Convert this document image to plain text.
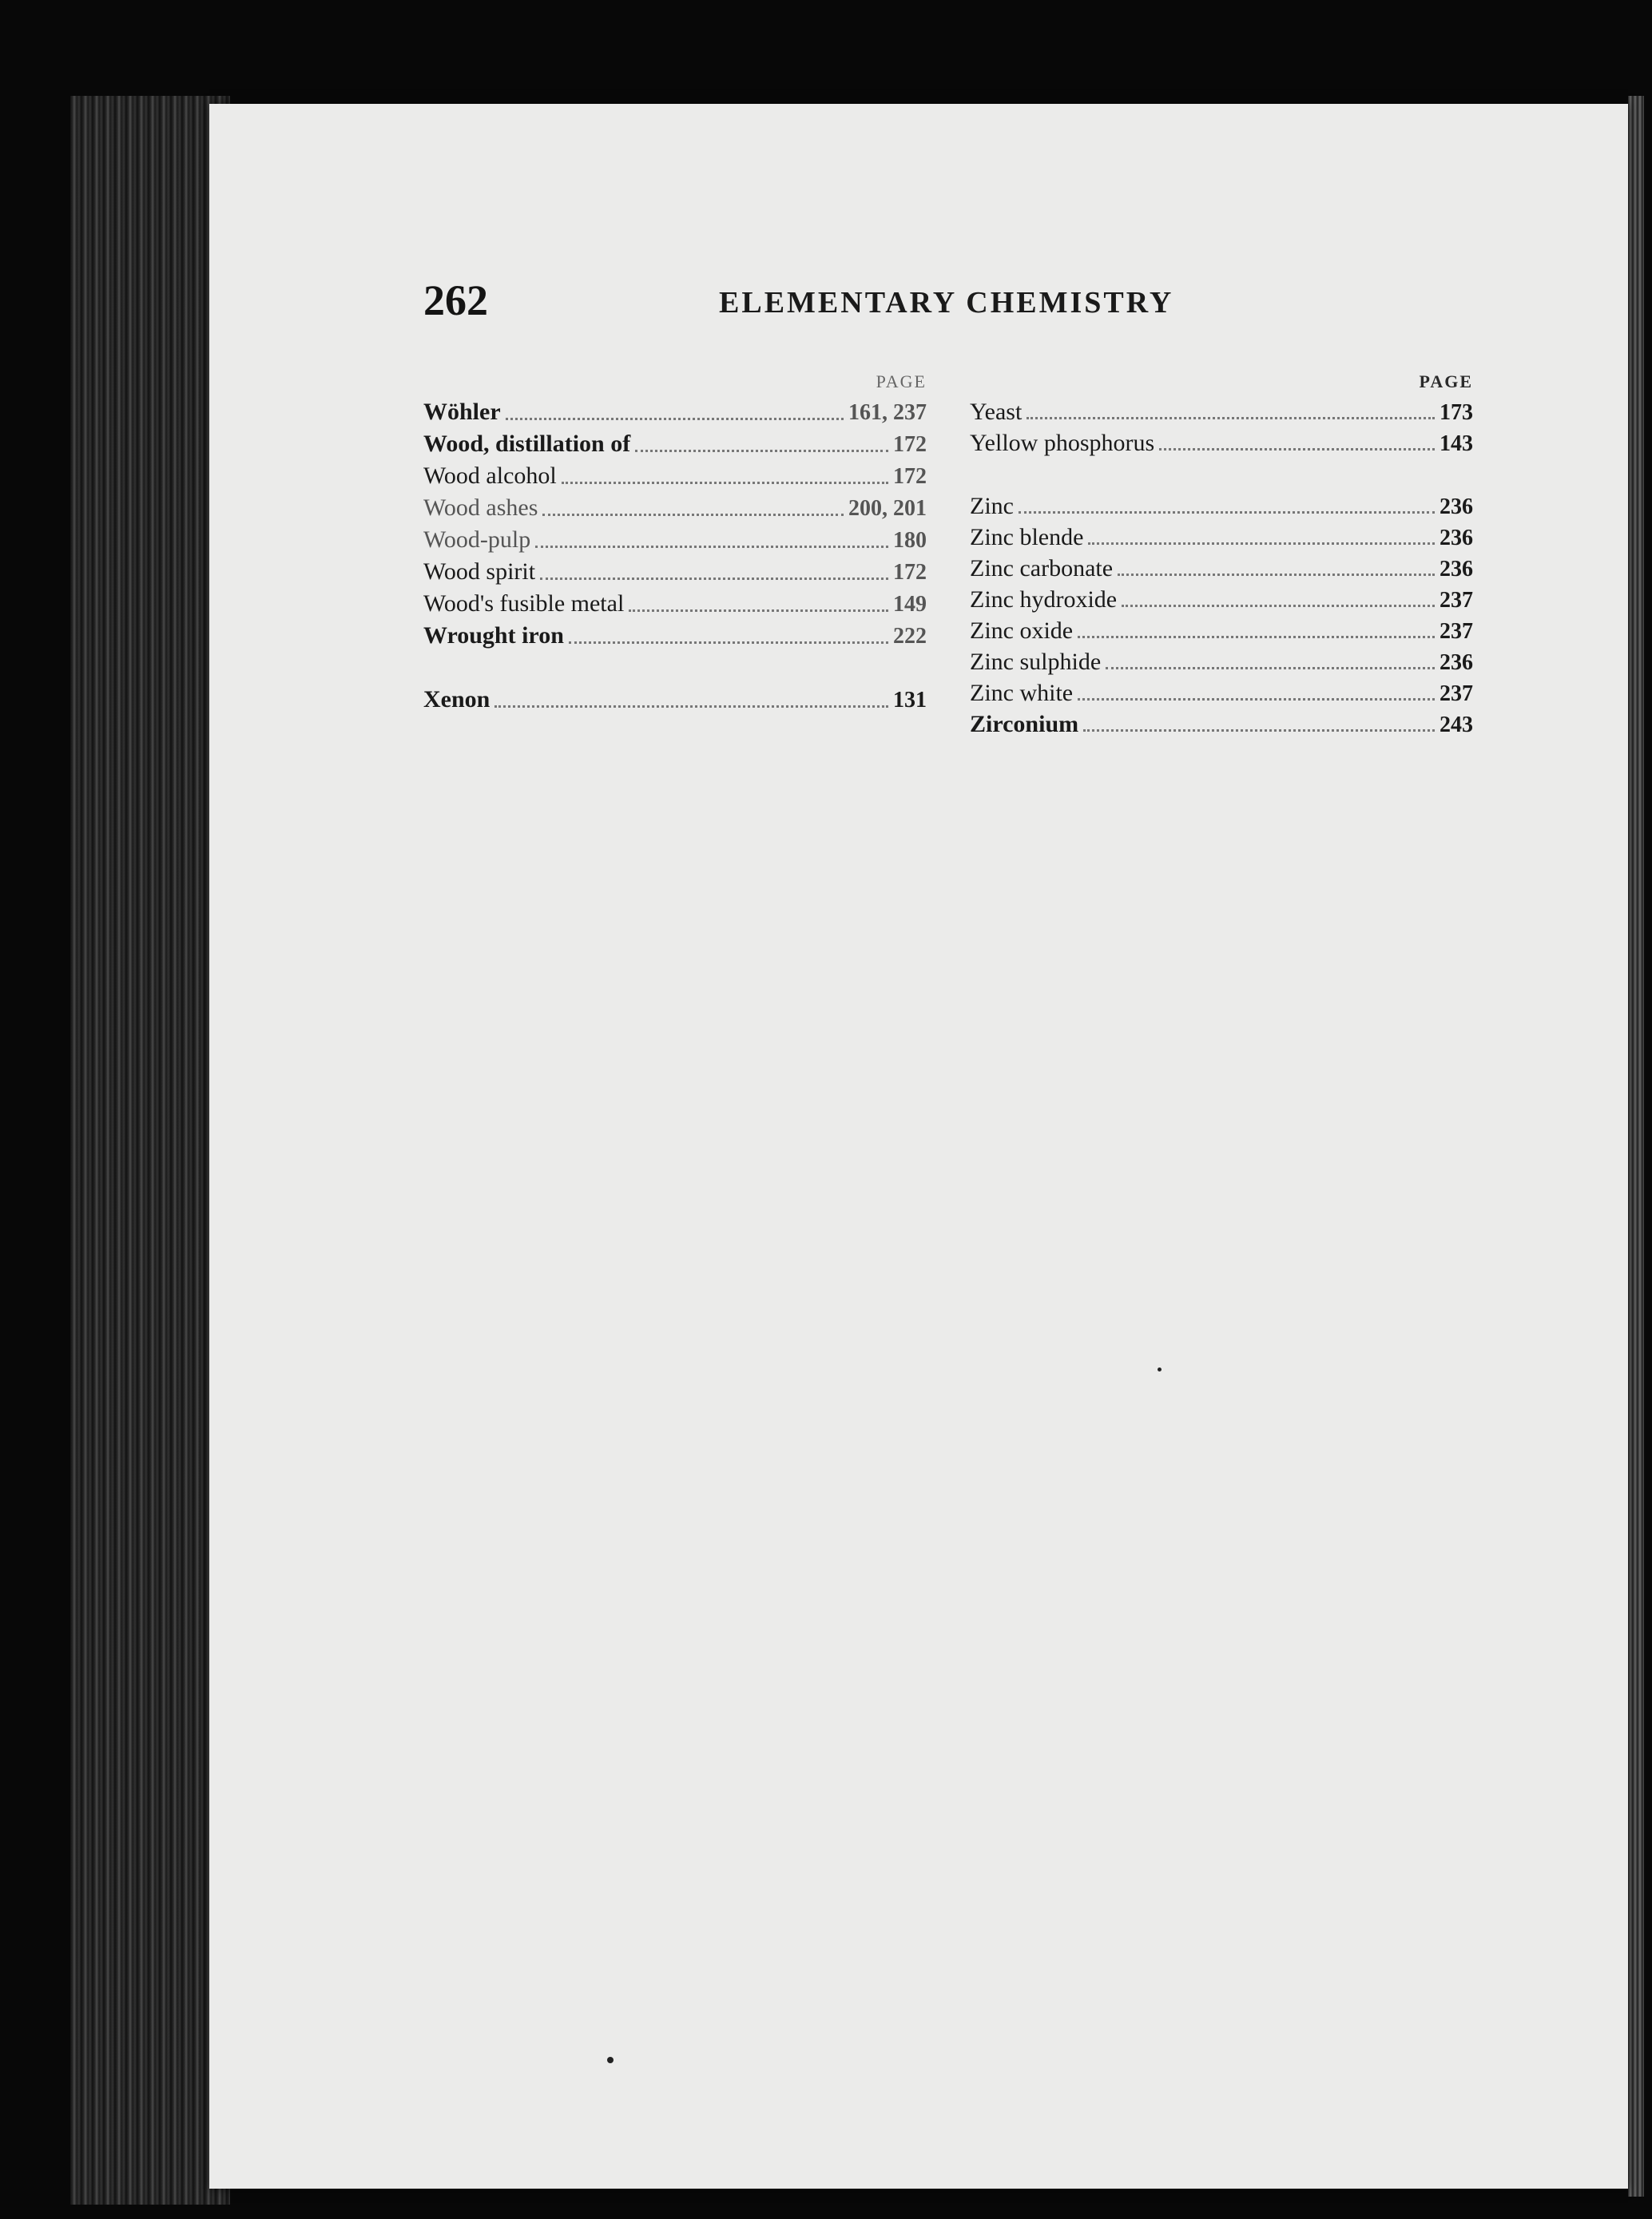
262	ELEMENTARY CHEMISTRY
PAGE
Wöhler	161, 237
Wood, distillation of	172
Wood alcohol	172
Wood ashes	200, 201
Wood-pulp	180
Wood spirit	172
Wood's fusible metal	149
Wrought iron	222
Xenon	131
PAGE
Yeast	173
Yellow phosphorus	143
Zinc	236
Zinc blende	236
Zinc carbonate	236
Zinc hydroxide	237
Zinc oxide	237
Zinc sulphide	236
Zinc white	237
Zirconium	243
